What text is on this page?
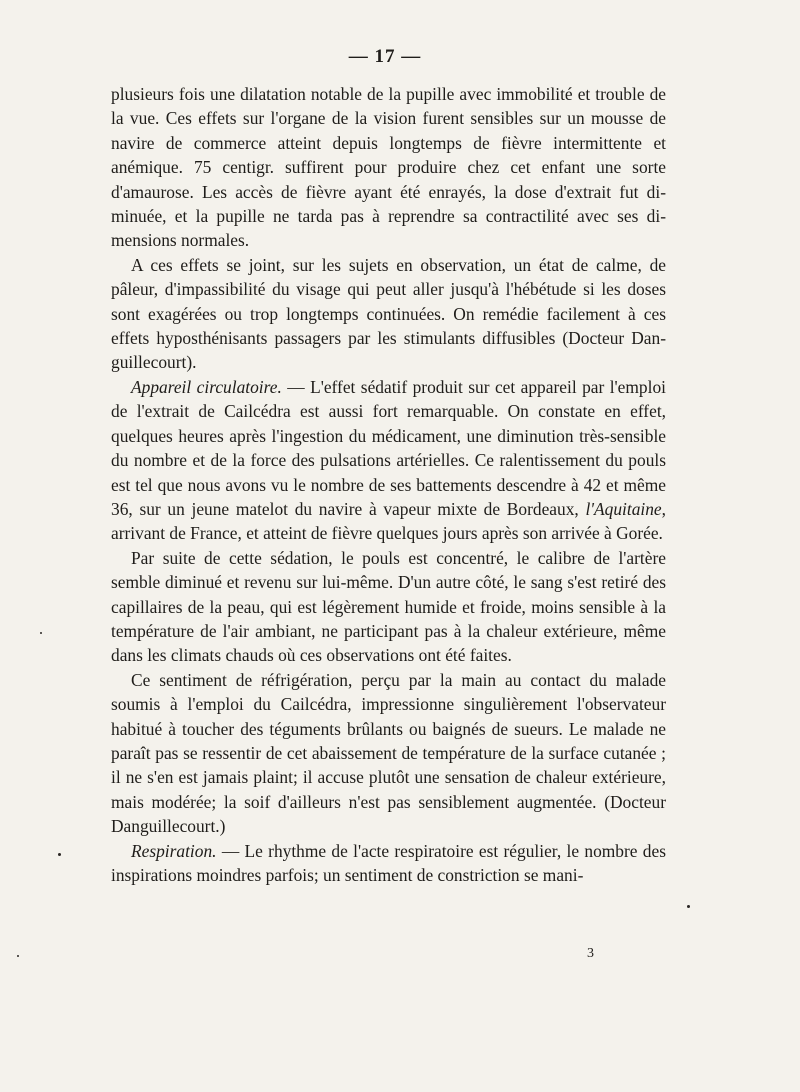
— 17 —

plusieurs fois une dilatation notable de la pupille avec immobilité et trouble de la vue. Ces effets sur l'organe de la vision furent sensibles sur un mousse de navire de commerce atteint depuis longtemps de fièvre intermittente et anémique. 75 centigr. suffirent pour produire chez cet enfant une sorte d'amaurose. Les accès de fièvre ayant été enrayés, la dose d'extrait fut diminuée, et la pupille ne tarda pas à reprendre sa contractilité avec ses dimensions normales.

A ces effets se joint, sur les sujets en observation, un état de calme, de pâleur, d'impassibilité du visage qui peut aller jusqu'à l'hébétude si les doses sont exagérées ou trop longtemps continuées. On remédie facilement à ces effets hyposthénisants passagers par les stimulants diffusibles (Docteur Danguillecourt).

Appareil circulatoire. — L'effet sédatif produit sur cet appareil par l'emploi de l'extrait de Cailcédra est aussi fort remarquable. On constate en effet, quelques heures après l'ingestion du médicament, une diminution très-sensible du nombre et de la force des pulsations artérielles. Ce ralentissement du pouls est tel que nous avons vu le nombre de ses battements descendre à 42 et même 36, sur un jeune matelot du navire à vapeur mixte de Bordeaux, l'Aquitaine, arrivant de France, et atteint de fièvre quelques jours après son arrivée à Gorée.

Par suite de cette sédation, le pouls est concentré, le calibre de l'artère semble diminué et revenu sur lui-même. D'un autre côté, le sang s'est retiré des capillaires de la peau, qui est légèrement humide et froide, moins sensible à la température de l'air ambiant, ne participant pas à la chaleur extérieure, même dans les climats chauds où ces observations ont été faites.

Ce sentiment de réfrigération, perçu par la main au contact du malade soumis à l'emploi du Cailcédra, impressionne singulièrement l'observateur habitué à toucher des téguments brûlants ou baignés de sueurs. Le malade ne paraît pas se ressentir de cet abaissement de température de la surface cutanée ; il ne s'en est jamais plaint; il accuse plutôt une sensation de chaleur extérieure, mais modérée; la soif d'ailleurs n'est pas sensiblement augmentée. (Docteur Danguillecourt.)

Respiration. — Le rhythme de l'acte respiratoire est régulier, le nombre des inspirations moindres parfois; un sentiment de constriction se mani-

3
